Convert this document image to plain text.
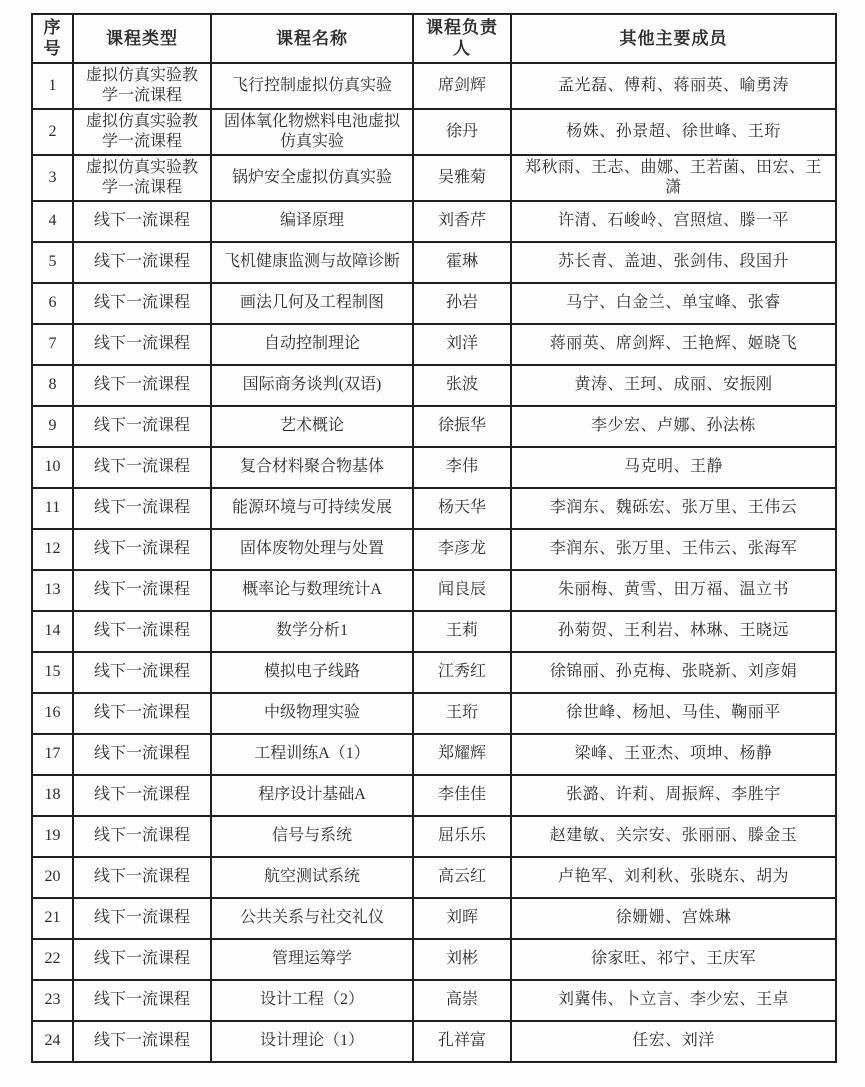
序号	课程类型	课程名称	课程负责人	其他主要成员
1	虚拟仿真实验教学一流课程	飞行控制虚拟仿真实验	席剑辉	孟光磊、傅莉、蒋丽英、喻勇涛
2	虚拟仿真实验教学一流课程	固体氧化物燃料电池虚拟仿真实验	徐丹	杨姝、孙景超、徐世峰、王珩
3	虚拟仿真实验教学一流课程	锅炉安全虚拟仿真实验	吴雅菊	郑秋雨、王志、曲娜、王若菌、田宏、王潇
4	线下一流课程	编译原理	刘香芹	许清、石峻岭、宫照煊、滕一平
5	线下一流课程	飞机健康监测与故障诊断	霍琳	苏长青、盖迪、张剑伟、段国升
6	线下一流课程	画法几何及工程制图	孙岩	马宁、白金兰、单宝峰、张睿
7	线下一流课程	自动控制理论	刘洋	蒋丽英、席剑辉、王艳辉、姬晓飞
8	线下一流课程	国际商务谈判(双语)	张波	黄涛、王珂、成丽、安振刚
9	线下一流课程	艺术概论	徐振华	李少宏、卢娜、孙法栋
10	线下一流课程	复合材料聚合物基体	李伟	马克明、王静
11	线下一流课程	能源环境与可持续发展	杨天华	李润东、魏砾宏、张万里、王伟云
12	线下一流课程	固体废物处理与处置	李彦龙	李润东、张万里、王伟云、张海军
13	线下一流课程	概率论与数理统计A	闻良辰	朱丽梅、黄雪、田万福、温立书
14	线下一流课程	数学分析1	王莉	孙菊贺、王利岩、林琳、王晓远
15	线下一流课程	模拟电子线路	江秀红	徐锦丽、孙克梅、张晓新、刘彦娟
16	线下一流课程	中级物理实验	王珩	徐世峰、杨旭、马佳、鞠丽平
17	线下一流课程	工程训练A（1）	郑耀辉	梁峰、王亚杰、项坤、杨静
18	线下一流课程	程序设计基础A	李佳佳	张潞、许莉、周振辉、李胜宇
19	线下一流课程	信号与系统	屈乐乐	赵建敏、关宗安、张丽丽、滕金玉
20	线下一流课程	航空测试系统	高云红	卢艳军、刘利秋、张晓东、胡为
21	线下一流课程	公共关系与社交礼仪	刘晖	徐姗姗、宫姝琳
22	线下一流课程	管理运筹学	刘彬	徐家旺、祁宁、王庆军
23	线下一流课程	设计工程（2）	高崇	刘冀伟、卜立言、李少宏、王卓
24	线下一流课程	设计理论（1）	孔祥富	任宏、刘洋
